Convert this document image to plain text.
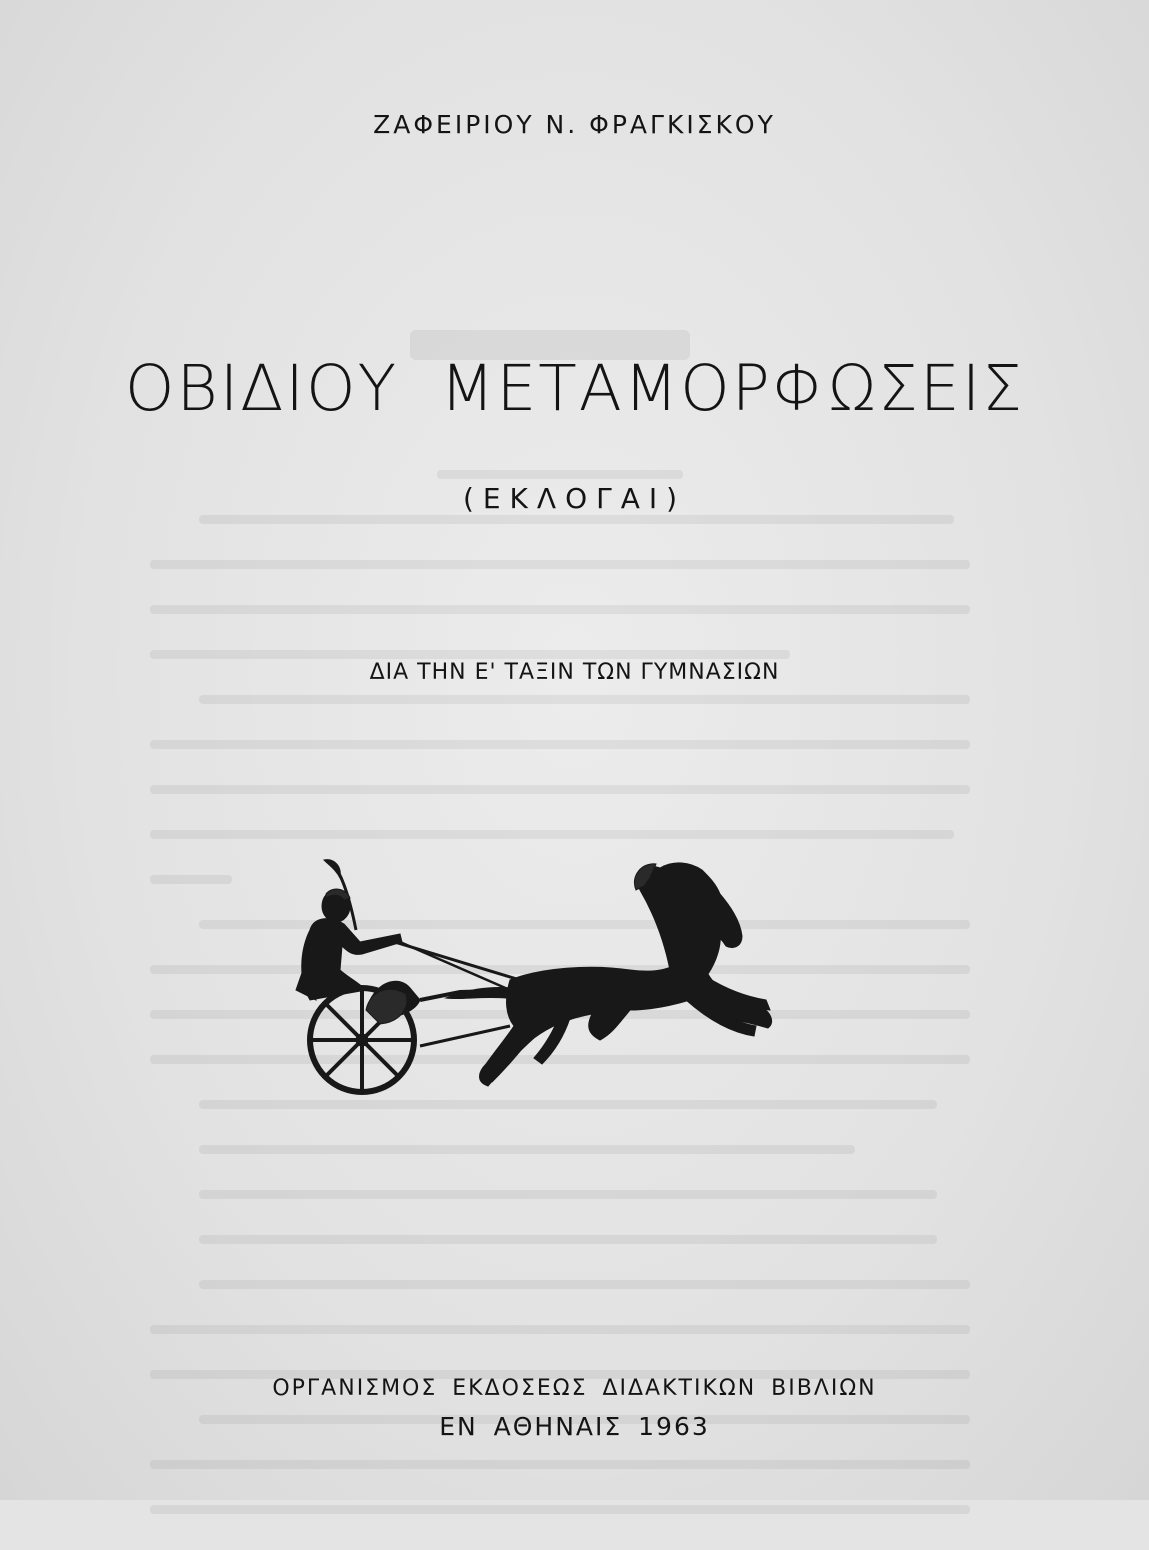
ΖΑΦΕΙΡΙΟΥ Ν. ΦΡΑΓΚΙΣΚΟΥ
ΟΒΙΔΙΟΥ ΜΕΤΑΜΟΡΦΩΣΕΙΣ
(ΕΚΛΟΓΑΙ)
ΔΙΑ ΤΗΝ Ε' ΤΑΞΙΝ ΤΩΝ ΓΥΜΝΑΣΙΩΝ
ΟΡΓΑΝΙΣΜΟΣ ΕΚΔΟΣΕΩΣ ΔΙΔΑΚΤΙΚΩΝ ΒΙΒΛΙΩΝ
ΕΝ ΑΘΗΝΑΙΣ 1963
